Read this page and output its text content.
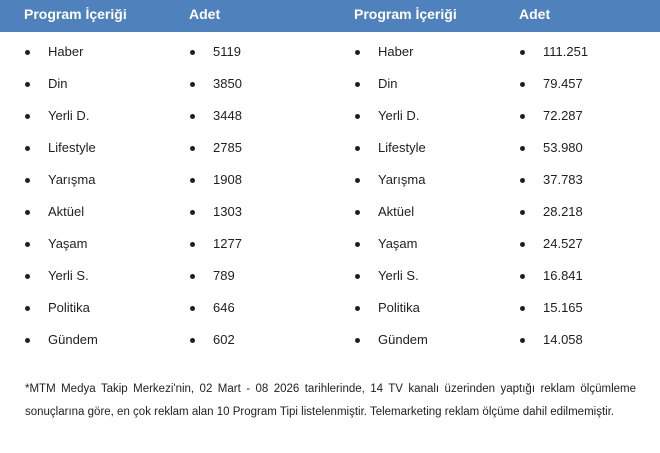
Program İçeriği	Adet	Program İçeriği	Adet
Haber	5119	Haber	111.251
Din	3850	Din	79.457
Yerli D.	3448	Yerli D.	72.287
Lifestyle	2785	Lifestyle	53.980
Yarışma	1908	Yarışma	37.783
Aktüel	1303	Aktüel	28.218
Yaşam	1277	Yaşam	24.527
Yerli S.	789	Yerli S.	16.841
Politika	646	Politika	15.165
Gündem	602	Gündem	14.058
*MTM Medya Takip Merkezi'nin, 02 Mart - 08 2026 tarihlerinde, 14 TV kanalı üzerinden yaptığı reklam ölçümleme sonuçlarına göre, en çok reklam alan 10 Program Tipi listelenmiştir. Telemarketing reklam ölçüme dahil edilmemiştir.
